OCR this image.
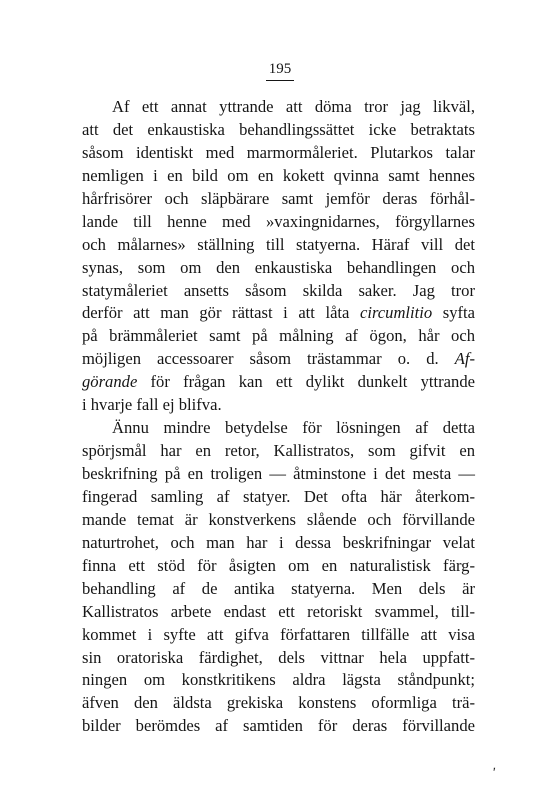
195
Af ett annat yttrande att döma tror jag likväl,
att det enkaustiska behandlingssättet icke betraktats
såsom identiskt med marmormåleriet. Plutarkos talar
nemligen i en bild om en kokett qvinna samt hennes
hårfrisörer och släpbärare samt jemför deras förhål-
lande till henne med »vaxingnidarnes, förgyllarnes
och målarnes» ställning till statyerna. Häraf vill det
synas, som om den enkaustiska behandlingen och
statymåleriet ansetts såsom skilda saker. Jag tror
derför att man gör rättast i att låta circumlitio syfta
på brämmåleriet samt på målning af ögon, hår och
möjligen accessoarer såsom trästammar o. d. Af-
görande för frågan kan ett dylikt dunkelt yttrande
i hvarje fall ej blifva.
Ännu mindre betydelse för lösningen af detta
spörjsmål har en retor, Kallistratos, som gifvit en
beskrifning på en troligen — åtminstone i det mesta —
fingerad samling af statyer. Det ofta här återkom-
mande temat är konstverkens slående och förvillande
naturtrohet, och man har i dessa beskrifningar velat
finna ett stöd för åsigten om en naturalistisk färg-
behandling af de antika statyerna. Men dels är
Kallistratos arbete endast ett retoriskt svammel, till-
kommet i syfte att gifva författaren tillfälle att visa
sin oratoriska färdighet, dels vittnar hela uppfatt-
ningen om konstkritikens aldra lägsta ståndpunkt;
äfven den äldsta grekiska konstens oformliga trä-
bilder berömdes af samtiden för deras förvillande
ʹ
